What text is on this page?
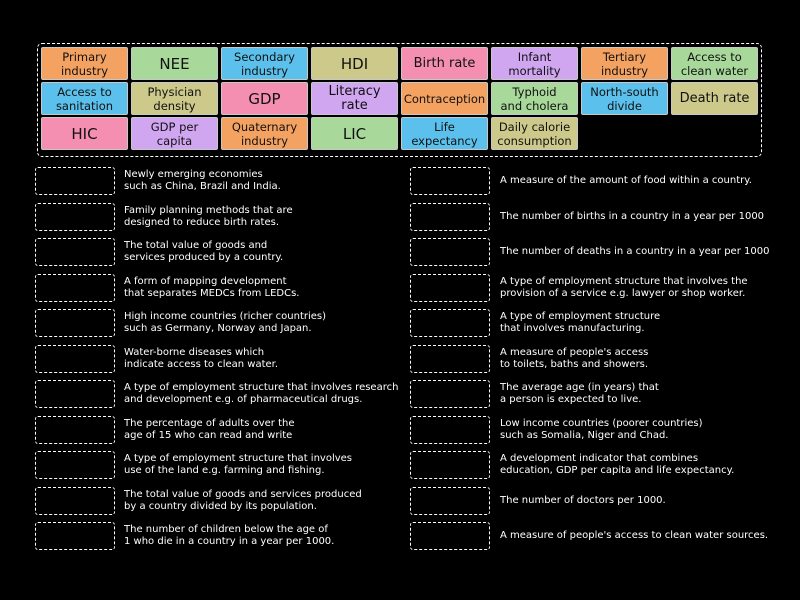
Primary
industry	NEE	Secondary
industry	HDI	Birth rate	Infant
mortality
Tertiary
industry
Access to
clean water
Access to
sanitation
Physician
density	GDP	Literacy rate	Contraception	Typhoid
and cholera
North-south
divide	Death rate
HIC	GDP per
capita
Quaternary
industry	LIC	Life
expectancy
Daily calorie
consumption
Newly emerging economies
such as China, Brazil and India.
Family planning methods that are
designed to reduce birth rates.
The total value of goods and
services produced by a country.
A form of mapping development
that separates MEDCs from LEDCs.
High income countries (richer countries)
such as Germany, Norway and Japan.
Water-borne diseases which
indicate access to clean water.
A type of employment structure that involves research
and development e.g. of pharmaceutical drugs.
The percentage of adults over the
age of 15 who can read and write
A type of employment structure that involves
use of the land e.g. farming and fishing.
The total value of goods and services produced
by a country divided by its population.
The number of children below the age of
1 who die in a country in a year per 1000.
A measure of the amount of food within a country.
The number of births in a country in a year per 1000
The number of deaths in a country in a year per 1000
A type of employment structure that involves the
provision of a service e.g. lawyer or shop worker.
A type of employment structure
that involves manufacturing.
A measure of people's access
to toilets, baths and showers.
The average age (in years) that
a person is expected to live.
Low income countries (poorer countries)
such as Somalia, Niger and Chad.
A development indicator that combines
education, GDP per capita and life expectancy.
The number of doctors per 1000.
A measure of people's access to clean water sources.
